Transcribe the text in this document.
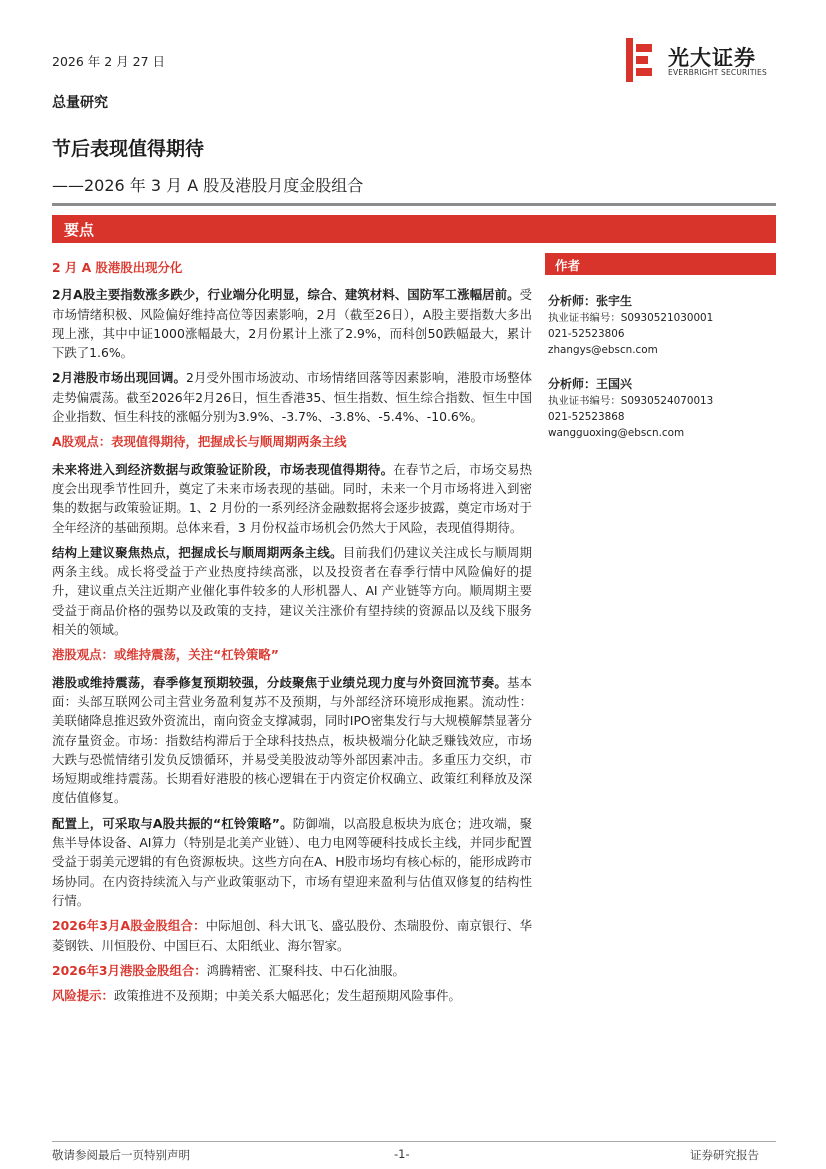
2026 年 2 月 27 日	光大证券
EVERBRIGHT SECURITIES
总量研究
节后表现值得期待
——2026 年 3 月 A 股及港股月度金股组合
要点

2 月 A 股港股出现分化

2月A股主要指数涨多跌少，行业端分化明显，综合、建筑材料、国防军工涨幅居前。受市场情绪积极、风险偏好维持高位等因素影响，2月（截至26日），A股主要指数大多出现上涨，其中中证1000涨幅最大，2月份累计上涨了2.9%，而科创50跌幅最大，累计下跌了1.6%。

2月港股市场出现回调。2月受外围市场波动、市场情绪回落等因素影响，港股市场整体走势偏震荡。截至2026年2月26日，恒生香港35、恒生指数、恒生综合指数、恒生中国企业指数、恒生科技的涨幅分别为3.9%、-3.7%、-3.8%、-5.4%、-10.6%。

A股观点：表现值得期待，把握成长与顺周期两条主线

未来将进入到经济数据与政策验证阶段，市场表现值得期待。在春节之后，市场交易热度会出现季节性回升，奠定了未来市场表现的基础。同时，未来一个月市场将进入到密集的数据与政策验证期。1、2 月份的一系列经济金融数据将会逐步披露，奠定市场对于全年经济的基础预期。总体来看，3 月份权益市场机会仍然大于风险，表现值得期待。

结构上建议聚焦热点，把握成长与顺周期两条主线。目前我们仍建议关注成长与顺周期两条主线。成长将受益于产业热度持续高涨，以及投资者在春季行情中风险偏好的提升，建议重点关注近期产业催化事件较多的人形机器人、AI 产业链等方向。顺周期主要受益于商品价格的强势以及政策的支持，建议关注涨价有望持续的资源品以及线下服务相关的领域。

港股观点：或维持震荡，关注“杠铃策略”

港股或维持震荡，春季修复预期较强，分歧聚焦于业绩兑现力度与外资回流节奏。基本面：头部互联网公司主营业务盈利复苏不及预期，与外部经济环境形成拖累。流动性：美联储降息推迟致外资流出，南向资金支撑减弱，同时IPO密集发行与大规模解禁显著分流存量资金。市场：指数结构滞后于全球科技热点，板块极端分化缺乏赚钱效应，市场大跌与恐慌情绪引发负反馈循环，并易受美股波动等外部因素冲击。多重压力交织，市场短期或维持震荡。长期看好港股的核心逻辑在于内资定价权确立、政策红利释放及深度估值修复。

配置上，可采取与A股共振的“杠铃策略”。防御端，以高股息板块为底仓；进攻端，聚焦半导体设备、AI算力（特别是北美产业链）、电力电网等硬科技成长主线，并同步配置受益于弱美元逻辑的有色资源板块。这些方向在A、H股市场均有核心标的，能形成跨市场协同。在内资持续流入与产业政策驱动下，市场有望迎来盈利与估值双修复的结构性行情。

2026年3月A股金股组合：中际旭创、科大讯飞、盛弘股份、杰瑞股份、南京银行、华菱钢铁、川恒股份、中国巨石、太阳纸业、海尔智家。

2026年3月港股金股组合：鸿腾精密、汇聚科技、中石化油服。

风险提示：政策推进不及预期；中美关系大幅恶化；发生超预期风险事件。

作者
分析师：张宇生
执业证书编号：S0930521030001
021-52523806
zhangys@ebscn.com
分析师：王国兴
执业证书编号：S0930524070013
021-52523868
wangguoxing@ebscn.com
敬请参阅最后一页特别声明	-1-	证券研究报告
